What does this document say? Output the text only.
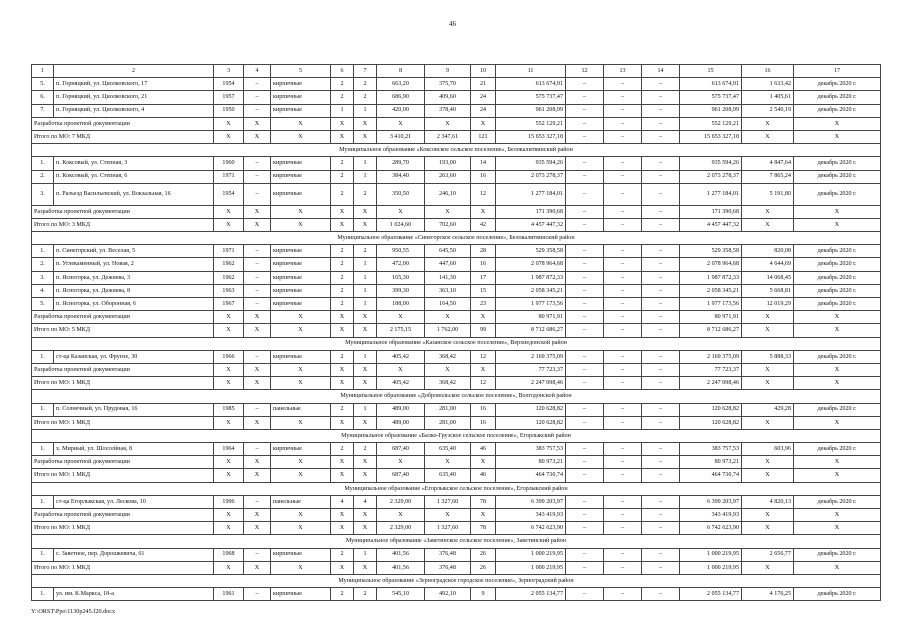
46
1	2	3	4	5	6	7	8	9	10	11	12	13	14	15	16	17
5.	п. Горняцкий, ул. Циолковского, 17	1954	–	кирпичные	2	2	663,20	375,70	21	613 674,91	–	–	–	613 674,91	1 633,42	декабрь 2020 г.
6.	п. Горняцкий, ул. Циолковского, 21	1957	–	кирпичные	2	2	686,90	409,60	24	575 737,47	–	–	–	575 737,47	1 405,61	декабрь 2020 г.
7.	п. Горняцкий, ул. Циолковского, 4	1950	–	кирпичные	1	1	420,00	378,40	24	961 208,99	–	–	–	961 208,99	2 540,19	декабрь 2020 г.
Разработка проектной документации		X	X	X	X	X	X	X	X	552 129,21	–	–	–	552 129,21	X	X
Итого по МО: 7 МКД		X	X	X	X	X	3 410,21	2 347,61	121	15 653 327,18	–	–	–	15 653 327,18	X	X
Муниципальное образование «Коксовское сельское поселение», Белокалитвинский район																
1.	п. Коксовый, ул. Степная, 3	1960	–	кирпичные	2	1	289,70	193,00	14	935 594,26	–	–	–	935 594,26	4 847,64	декабрь 2020 г.
2.	п. Коксовый, ул. Степная, 6	1971	–	кирпичные	2	1	384,40	263,60	16	2 073 278,37	–	–	–	2 073 278,37	7 865,24	декабрь 2020 г.
3.	п. Разъезд Васильевский, ул. Вокзальная, 16	1954	–	кирпичные	2	2	350,50	246,10	12	1 277 184,01	–	–	–	1 277 184,01	5 191,80	декабрь 2020 г.
Разработка проектной документации		X	X	X	X	X	X	X	X	171 390,68	–	–	–	171 390,68	X	X
Итого по МО: 3 МКД		X	X	X	X	X	1 024,60	702,60	42	4 457 447,32	–	–	–	4 457 447,32	X	X
Муниципальное образование «Синегорское сельское поселение», Белокалитвинский район																
1.	п. Синегорский, ул. Веселая, 5	1971	–	кирпичные	2	2	950,55	645,50	28	529 358,58	–	–	–	529 358,58	820,08	декабрь 2020 г.
2.	п. Углекаменный, ул. Новая, 2	1962	–	кирпичные	2	1	472,00	447,60	16	2 078 964,68	–	–	–	2 078 964,68	4 644,69	декабрь 2020 г.
3.	п. Ясногорка, ул. Дежнева, 3	1962	–	кирпичные	2	1	165,30	141,30	17	1 987 872,33	–	–	–	1 987 872,33	14 068,45	декабрь 2020 г.
4.	п. Ясногорка, ул. Дежнева, 8	1963	–	кирпичные	2	1	399,30	363,10	15	2 058 345,21	–	–	–	2 058 345,21	5 668,81	декабрь 2020 г.
5.	п. Ясногорка, ул. Оборонная, 6	1967	–	кирпичные	2	1	188,00	164,50	23	1 977 173,56	–	–	–	1 977 173,56	12 019,29	декабрь 2020 г.
Разработка проектной документации		X	X	X	X	X	X	X	X	80 971,91	–	–	–	80 971,91	X	X
Итого по МО: 5 МКД		X	X	X	X	X	2 175,15	1 762,00	99	8 712 686,27	–	–	–	8 712 686,27	X	X
Муниципальное образование «Казанское сельское поселение», Верхнедонской район																
1.	ст-ца Казанская, ул. Фрунзе, 30	1966	–	кирпичные	2	1	405,42	368,42	12	2 169 375,09	–	–	–	2 169 375,09	5 888,33	декабрь 2020 г.
Разработка проектной документации		X	X	X	X	X	X	X	X	77 723,37	–	–	–	77 723,37	X	X
Итого по МО: 1 МКД		X	X	X	X	X	405,42	368,42	12	2 247 098,46	–	–	–	2 247 098,46	X	X
Муниципальное образование «Добровольское сельское поселение», Волгодонской район																
1.	п. Солнечный, ул. Прудовая, 16	1985	–	панельные	2	1	489,00	281,00	16	120 628,82	–	–	–	120 628,82	429,28	декабрь 2020 г.
Итого по МО: 1 МКД		X	X	X	X	X	489,00	281,00	16	120 628,82	–	–	–	120 628,82	X	X
Муниципальное образование «Балко-Грузское сельское поселение», Егорлыкский район																
1.	х. Мирный, ул. Шоссейная, 8	1964	–	кирпичные	2	2	687,40	635,40	46	383 757,53	–	–	–	383 757,53	603,96	декабрь 2020 г.
Разработка проектной документации		X	X	X	X	X	X	X	X	80 973,21	–	–	–	80 973,21	X	X
Итого по МО: 1 МКД		X	X	X	X	X	687,40	635,40	46	464 730,74	–	–	–	464 730,74	X	X
Муниципальное образование «Егорлыкское сельское поселение», Егорлыкский район																
1.	ст-ца Егорлыкская, ул. Лескова, 10	1996	–	панельные	4	4	2 329,00	1 327,60	78	6 399 203,97	–	–	–	6 399 203,97	4 820,13	декабрь 2020 г.
Разработка проектной документации		X	X	X	X	X	X	X	X	343 419,93	–	–	–	343 419,93	X	X
Итого по МО: 1 МКД		X	X	X	X	X	2 329,00	1 327,60	78	6 742 623,90	–	–	–	6 742 623,90	X	X
Муниципальное образование «Заветинское сельское поселение», Заветинский район																
1.	с. Заветное, пер. Дорошкевича, 61	1968	–	кирпичные	2	1	401,56	376,48	26	1 000 219,95	–	–	–	1 000 219,95	2 656,77	декабрь 2020 г.
Итого по МО: 1 МКД		X	X	X	X	X	401,56	376,48	26	1 000 219,95	–	–	–	1 000 219,95	X	X
Муниципальное образование «Зерноградское городское поселение», Зерноградский район																
1.	ул. им. К.Маркса, 18-а	1961	–	кирпичные	2	2	545,10	492,10	9	2 055 134,77	–	–	–	2 055 134,77	4 176,25	декабрь 2020 г.
Y:\ORST\Ppo\1130p245.f20.docx
